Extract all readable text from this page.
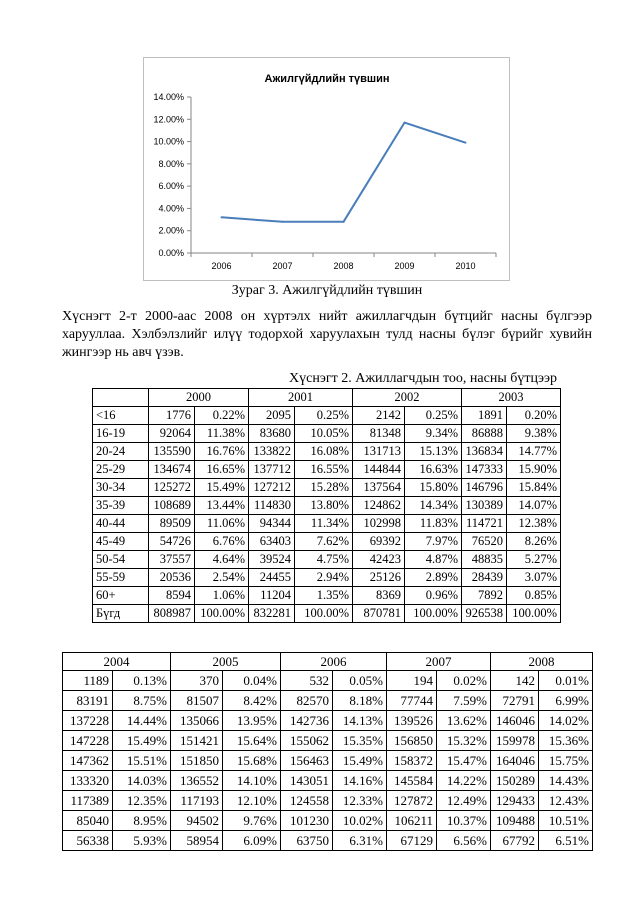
Ажилгүйдлийн түвшин
0.00%
2.00%
4.00%
6.00%
8.00%
10.00%
12.00%
14.00%
2006	2007	2008	2009	2010
Зураг 3. Ажилгүйдлийн түвшин
Хүснэгт 2-т 2000-аас 2008 он хүртэлх нийт ажиллагчдын бүтцийг насны бүлгээр
харууллаа. Хэлбэлзлийг илүү тодорхой харуулахын тулд насны бүлэг бүрийг хувийн
жингээр нь авч үзэв.
Хүснэгт 2. Ажиллагчдын тоо, насны бүтцээр
	2000		2001		2002		2003	
<16	1776	0.22%	2095	0.25%	2142	0.25%	1891	0.20%
16-19	92064	11.38%	83680	10.05%	81348	9.34%	86888	9.38%
20-24	135590	16.76%	133822	16.08%	131713	15.13%	136834	14.77%
25-29	134674	16.65%	137712	16.55%	144844	16.63%	147333	15.90%
30-34	125272	15.49%	127212	15.28%	137564	15.80%	146796	15.84%
35-39	108689	13.44%	114830	13.80%	124862	14.34%	130389	14.07%
40-44	89509	11.06%	94344	11.34%	102998	11.83%	114721	12.38%
45-49	54726	6.76%	63403	7.62%	69392	7.97%	76520	8.26%
50-54	37557	4.64%	39524	4.75%	42423	4.87%	48835	5.27%
55-59	20536	2.54%	24455	2.94%	25126	2.89%	28439	3.07%
60+	8594	1.06%	11204	1.35%	8369	0.96%	7892	0.85%
Бүгд	808987	100.00%	832281	100.00%	870781	100.00%	926538	100.00%
2004		2005		2006		2007		2008	
1189	0.13%	370	0.04%	532	0.05%	194	0.02%	142	0.01%
83191	8.75%	81507	8.42%	82570	8.18%	77744	7.59%	72791	6.99%
137228	14.44%	135066	13.95%	142736	14.13%	139526	13.62%	146046	14.02%
147228	15.49%	151421	15.64%	155062	15.35%	156850	15.32%	159978	15.36%
147362	15.51%	151850	15.68%	156463	15.49%	158372	15.47%	164046	15.75%
133320	14.03%	136552	14.10%	143051	14.16%	145584	14.22%	150289	14.43%
117389	12.35%	117193	12.10%	124558	12.33%	127872	12.49%	129433	12.43%
85040	8.95%	94502	9.76%	101230	10.02%	106211	10.37%	109488	10.51%
56338	5.93%	58954	6.09%	63750	6.31%	67129	6.56%	67792	6.51%
